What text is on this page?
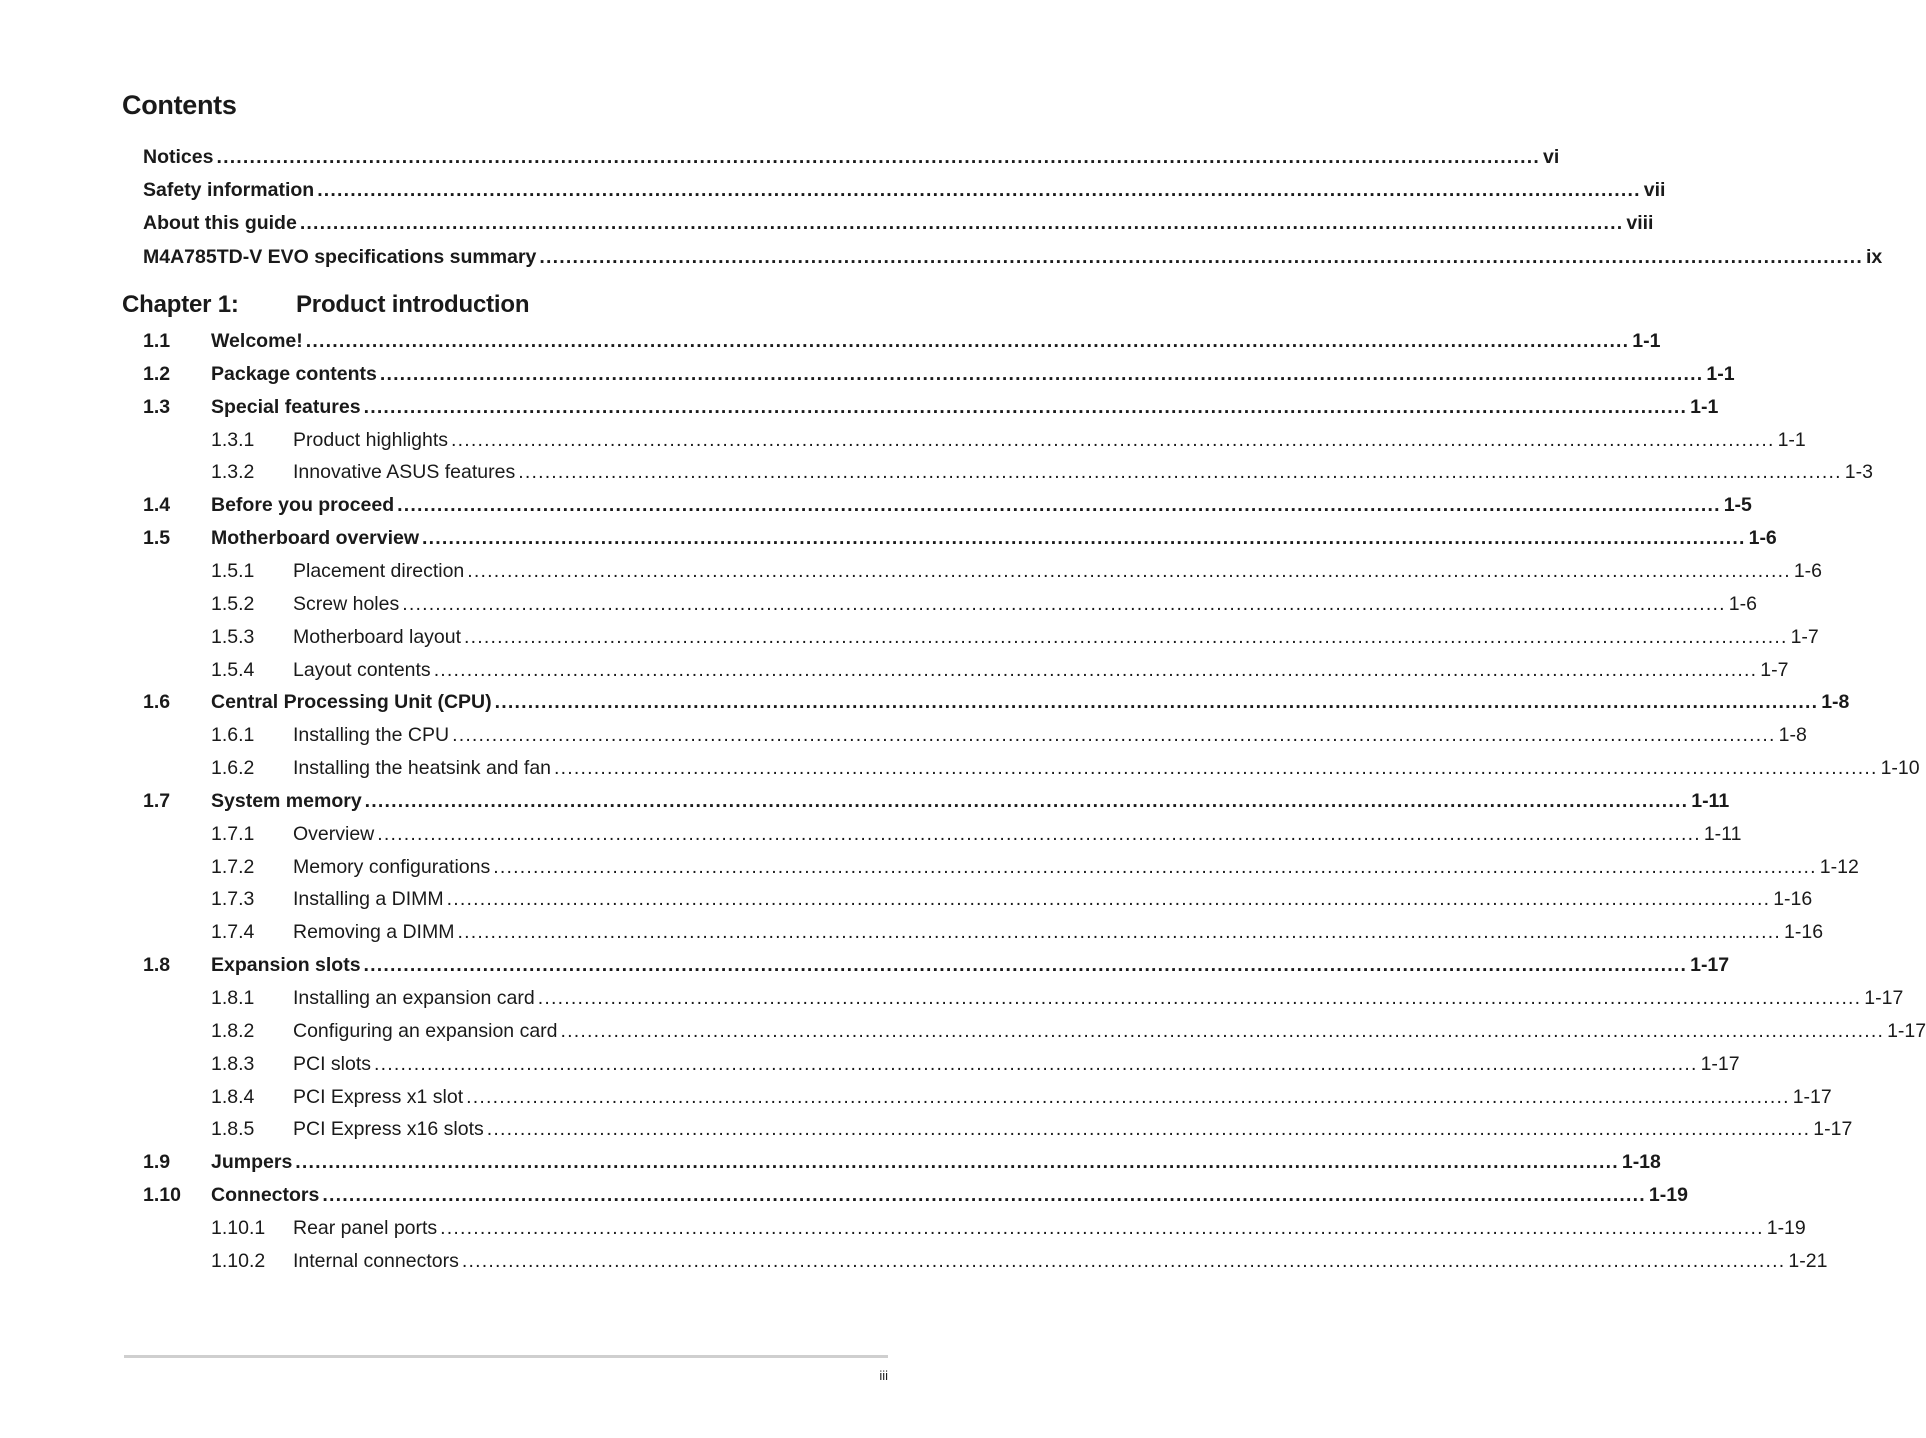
Contents
Notices ........................................................................................................................................................................................................ vi
Safety information ........................................................................................................................................................................................................ vii
About this guide ........................................................................................................................................................................................................ viii
M4A785TD-V EVO specifications summary ........................................................................................................................................................................................................ ix
Chapter 1:	Product introduction
1.1	Welcome! ........................................................................................................................................................................................................ 1-1
1.2	Package contents ........................................................................................................................................................................................................ 1-1
1.3	Special features ........................................................................................................................................................................................................ 1-1
1.3.1	Product highlights ........................................................................................................................................................................................................ 1-1
1.3.2	Innovative ASUS features ........................................................................................................................................................................................................ 1-3
1.4	Before you proceed ........................................................................................................................................................................................................ 1-5
1.5	Motherboard overview ........................................................................................................................................................................................................ 1-6
1.5.1	Placement direction ........................................................................................................................................................................................................ 1-6
1.5.2	Screw holes ........................................................................................................................................................................................................ 1-6
1.5.3	Motherboard layout ........................................................................................................................................................................................................ 1-7
1.5.4	Layout contents ........................................................................................................................................................................................................ 1-7
1.6	Central Processing Unit (CPU) ........................................................................................................................................................................................................ 1-8
1.6.1	Installing the CPU ........................................................................................................................................................................................................ 1-8
1.6.2	Installing the heatsink and fan ........................................................................................................................................................................................................ 1-10
1.7	System memory ........................................................................................................................................................................................................ 1-11
1.7.1	Overview ........................................................................................................................................................................................................ 1-11
1.7.2	Memory configurations ........................................................................................................................................................................................................ 1-12
1.7.3	Installing a DIMM ........................................................................................................................................................................................................ 1-16
1.7.4	Removing a DIMM ........................................................................................................................................................................................................ 1-16
1.8	Expansion slots ........................................................................................................................................................................................................ 1-17
1.8.1	Installing an expansion card ........................................................................................................................................................................................................ 1-17
1.8.2	Configuring an expansion card ........................................................................................................................................................................................................ 1-17
1.8.3	PCI slots ........................................................................................................................................................................................................ 1-17
1.8.4	PCI Express x1 slot ........................................................................................................................................................................................................ 1-17
1.8.5	PCI Express x16 slots ........................................................................................................................................................................................................ 1-17
1.9	Jumpers ........................................................................................................................................................................................................ 1-18
1.10	Connectors ........................................................................................................................................................................................................ 1-19
1.10.1	Rear panel ports ........................................................................................................................................................................................................ 1-19
1.10.2	Internal connectors ........................................................................................................................................................................................................ 1-21
iii
